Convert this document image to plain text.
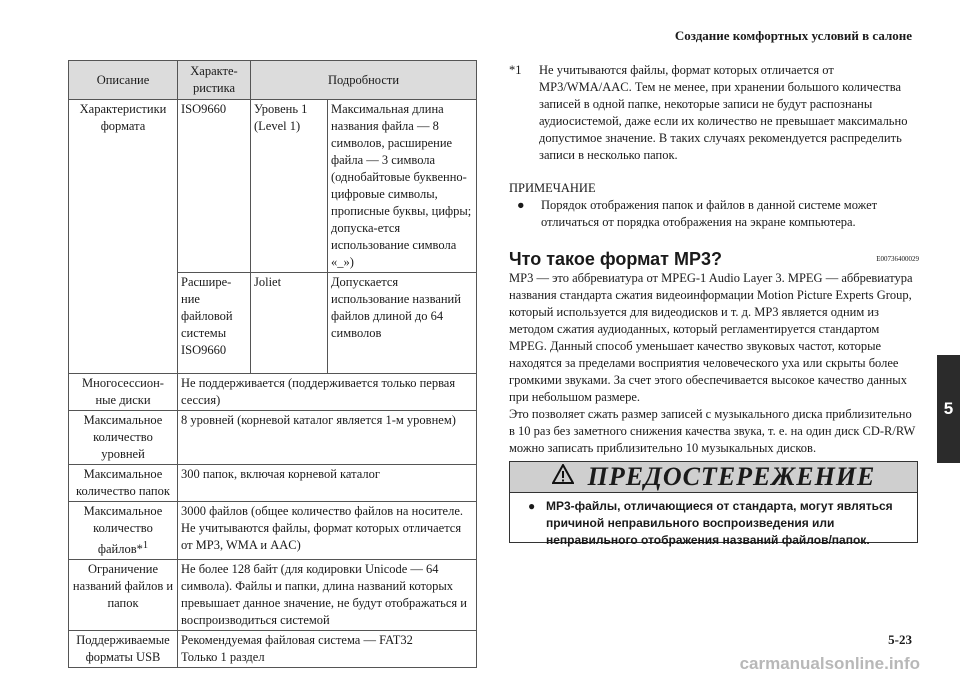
Создание комфортных условий в салоне
Описание	Характе-ристика	Подробности	
Характеристики формата	ISO9660	Уровень 1 (Level 1)	Максимальная длина названия файла — 8 символов, расширение файла — 3 символа (однобайтовые буквенно-цифровые символы, прописные буквы, цифры; допуска-ется использование символа «_»)
	Расшире-ние файловой системы ISO9660	Joliet	Допускается использование названий файлов длиной до 64 символов
Многосессион-ные диски	Не поддерживается (поддерживается только первая сессия)		
Максимальное количество уровней	8 уровней (корневой каталог является 1-м уровнем)		
Максимальное количество папок	300 папок, включая корневой каталог		
Максимальное количество файлов*$^1$	3000 файлов (общее количество файлов на носителе. Не учитываются файлы, формат которых отличается от MP3, WMA и AAC)		
Ограничение названий файлов и папок	Не более 128 байт (для кодировки Unicode — 64 символа). Файлы и папки, длина названий которых превышает данное значение, не будут отображаться и воспроизводиться системой		
Поддерживаемые форматы USB	Рекомендуемая файловая система — FAT32
Только 1 раздел		
*1	Не учитываются файлы, формат которых отличается от MP3/WMA/AAC. Тем не менее, при хранении большого количества записей в одной папке, некоторые записи не будут распознаны аудиосистемой, даже если их количество не превышает максимально допустимое значение. В таких случаях рекомендуется распределить записи в несколько папок.
ПРИМЕЧАНИЕ
●	Порядок отображения папок и файлов в данной системе может отличаться от порядка отображения на экране компьютера.
Что такое формат MP3?	E00736400029
MP3 — это аббревиатура от MPEG-1 Audio Layer 3. MPEG — аббревиатура названия стандарта сжатия видеоинформации Motion Picture Experts Group, который используется для видеодисков и т. д. MP3 является одним из методом сжатия аудиоданных, который регламентируется стандартом MPEG. Данный способ уменьшает качество звуковых частот, которые находятся за пределами восприятия человеческого уха или скрыты более громкими звуками. За счет этого обеспечивается высокое качество данных при небольшом размере.
Это позволяет сжать размер записей с музыкального диска приблизительно в 10 раз без заметного снижения качества звука, т. е. на один диск CD-R/RW можно записать приблизительно 10 музыкальных дисков.
ПРЕДОСТЕРЕЖЕНИЕ
● MP3-файлы, отличающиеся от стандарта, могут являться причиной неправильного воспроизведения или неправильного отображения названий файлов/папок.
5
5-23
carmanualsonline.info
